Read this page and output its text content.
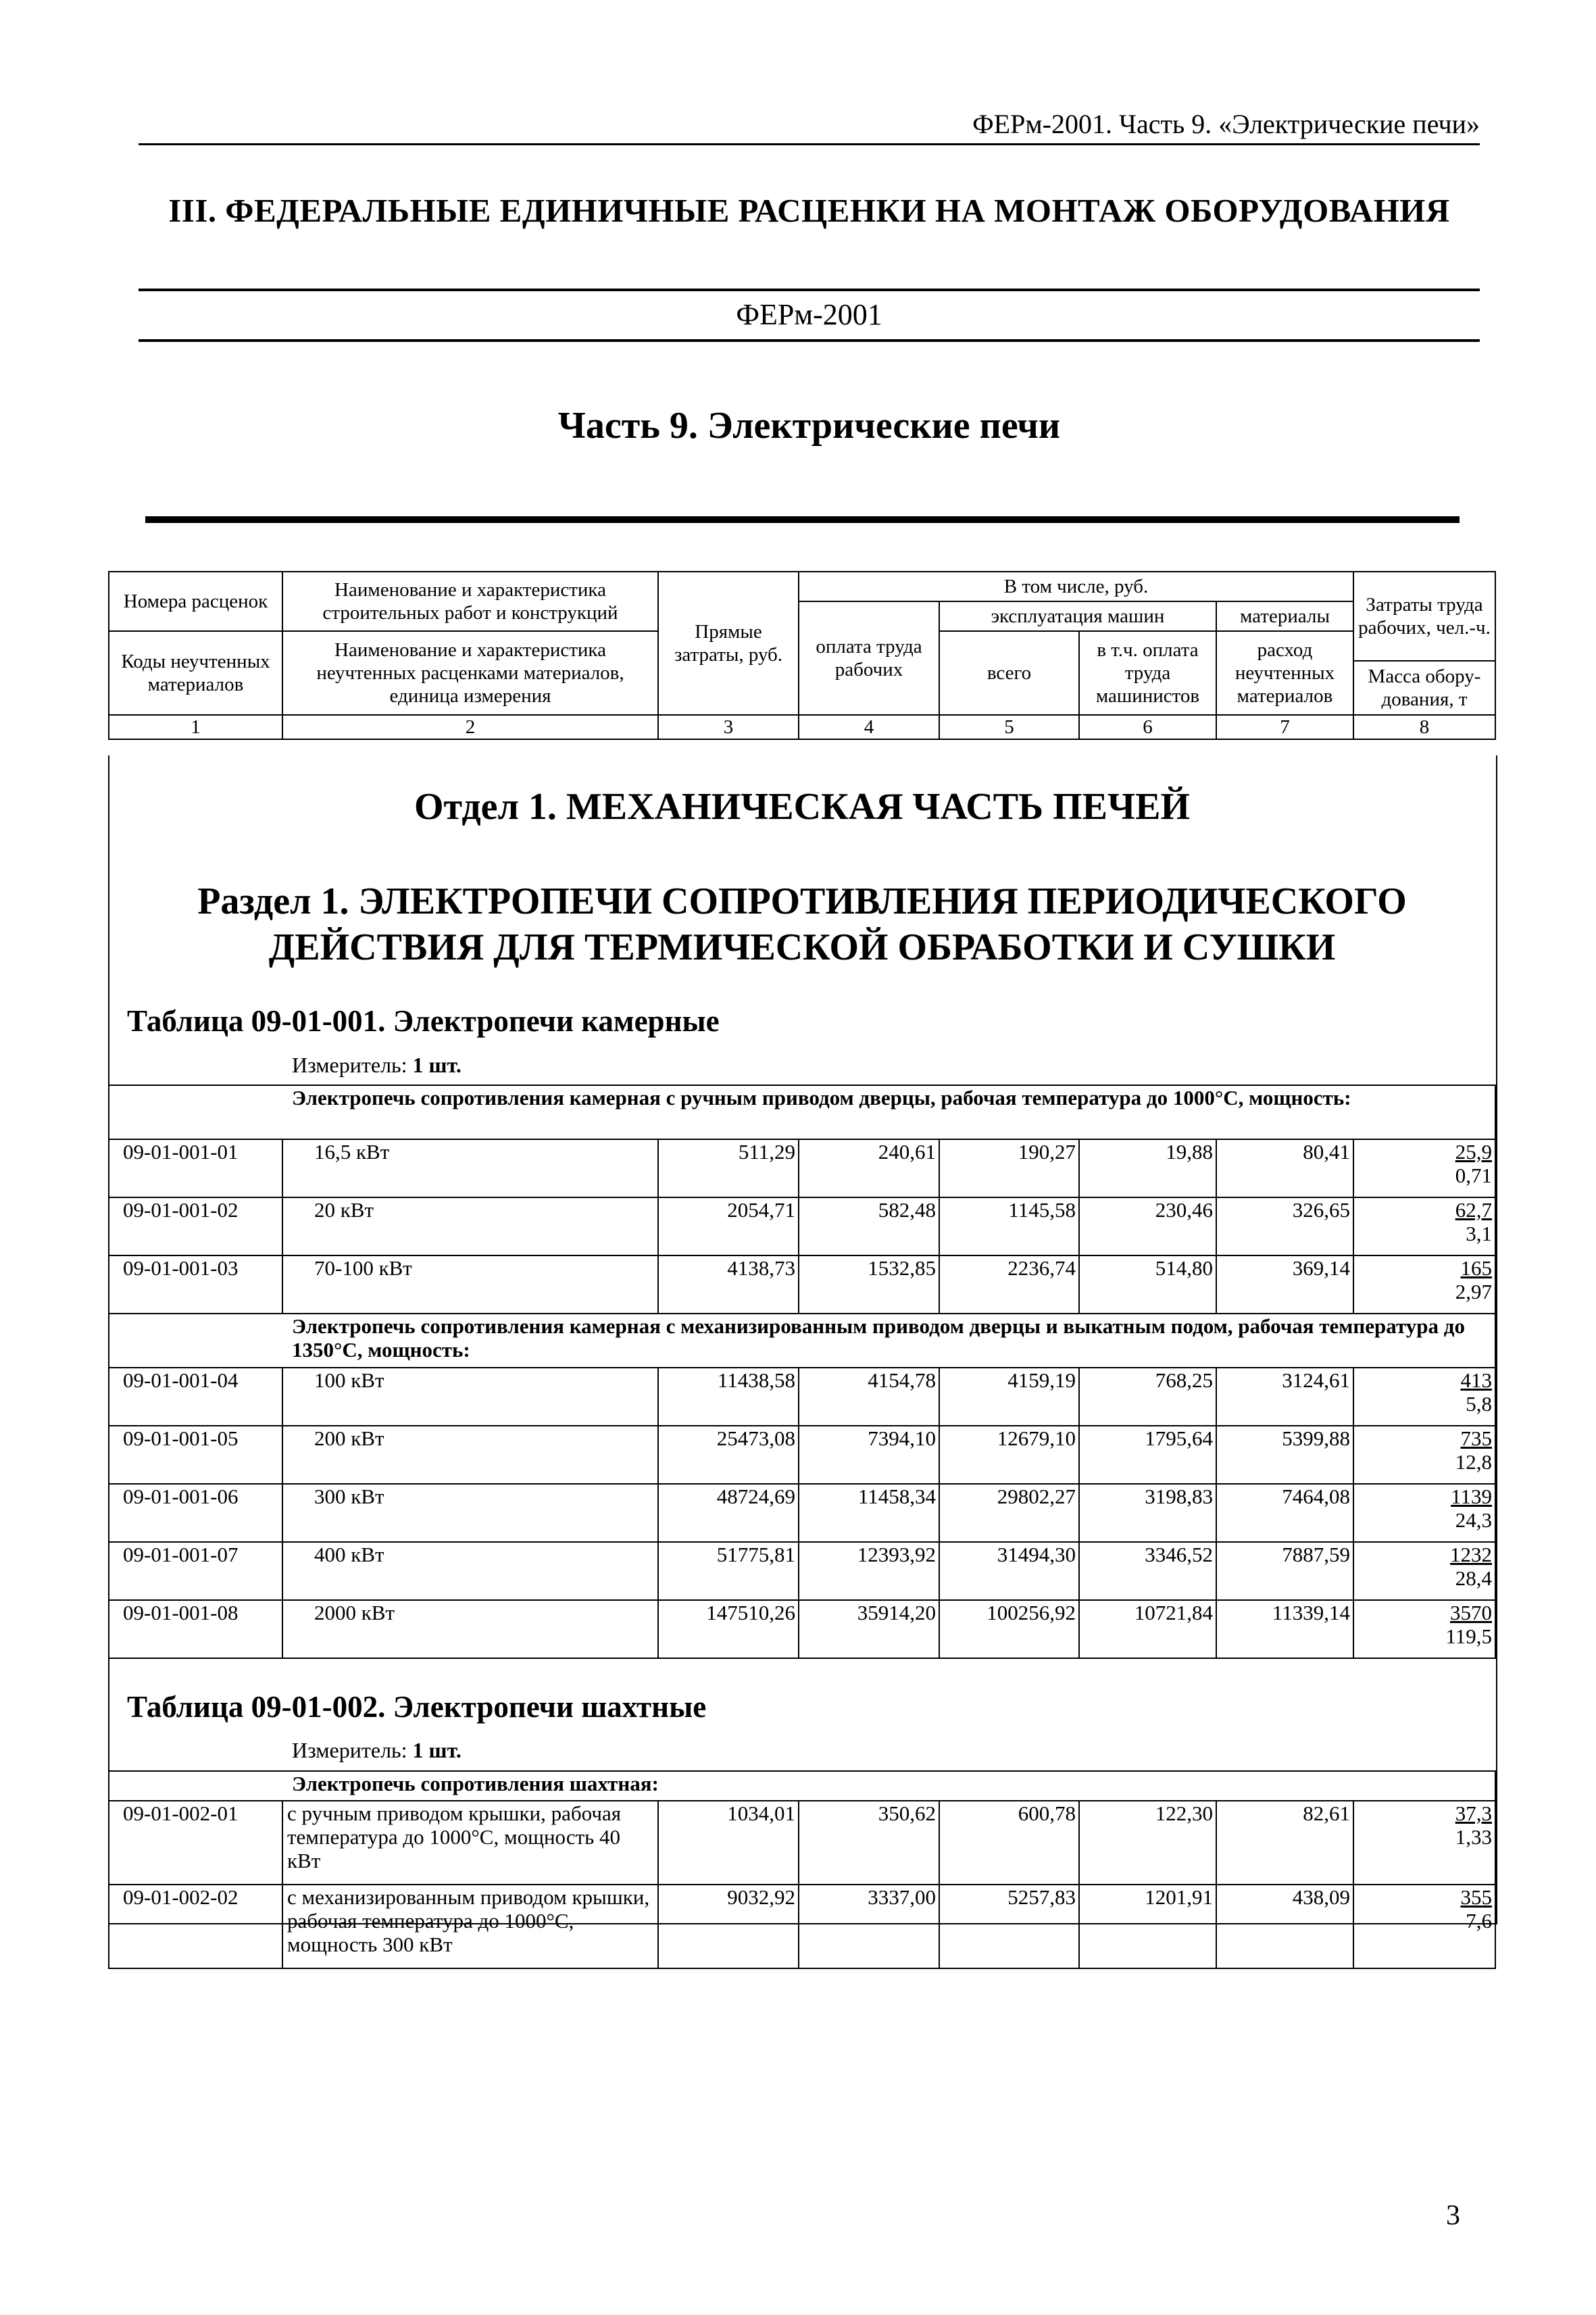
ФЕРм-2001. Часть 9. «Электрические печи»
III. ФЕДЕРАЛЬНЫЕ ЕДИНИЧНЫЕ РАСЦЕНКИ НА МОНТАЖ ОБОРУДОВАНИЯ
ФЕРм-2001
Часть 9. Электрические печи
Номера расценок	Наименование и характеристика строительных работ и конструкций	Прямые затраты, руб.	В том числе, руб.				Затраты труда рабочих, чел.-ч.
			оплата труда рабочих	эксплуатация машин		материалы	
Коды неучтенных материалов	Наименование и характеристика неучтенных расценками материалов, единица измерения			всего	в т.ч. оплата труда машинистов	расход неучтенных материалов	
							Масса обору- дования, т
1	2	3	4	5	6	7	8
Отдел 1. МЕХАНИЧЕСКАЯ ЧАСТЬ ПЕЧЕЙ
Раздел 1. ЭЛЕКТРОПЕЧИ СОПРОТИВЛЕНИЯ ПЕРИОДИЧЕСКОГО
ДЕЙСТВИЯ ДЛЯ ТЕРМИЧЕСКОЙ ОБРАБОТКИ И СУШКИ
Таблица 09-01-001. Электропечи камерные
Измеритель: 1 шт.
Электропечь сопротивления камерная с ручным приводом дверцы, рабочая температура до 1000°С, мощность:							
09-01-001-01	16,5 кВт	511,29	240,61	190,27	19,88	80,41	25,9
0,71

09-01-001-02	20 кВт	2054,71	582,48	1145,58	230,46	326,65	62,7
3,1

09-01-001-03	70-100 кВт	4138,73	1532,85	2236,74	514,80	369,14	165
2,97

Электропечь сопротивления камерная с механизированным приводом дверцы и выкатным подом, рабочая температура до 1350°С, мощность:							
09-01-001-04	100 кВт	11438,58	4154,78	4159,19	768,25	3124,61	413
5,8

09-01-001-05	200 кВт	25473,08	7394,10	12679,10	1795,64	5399,88	735
12,8

09-01-001-06	300 кВт	48724,69	11458,34	29802,27	3198,83	7464,08	1139
24,3

09-01-001-07	400 кВт	51775,81	12393,92	31494,30	3346,52	7887,59	1232
28,4

09-01-001-08	2000 кВт	147510,26	35914,20	100256,92	10721,84	11339,14	3570
119,5
Таблица 09-01-002. Электропечи шахтные
Измеритель: 1 шт.
Электропечь сопротивления шахтная:							
09-01-002-01	с ручным приводом крышки, рабочая температура до 1000°С, мощность 40 кВт	1034,01	350,62	600,78	122,30	82,61	37,3
1,33

09-01-002-02	с механизированным приводом крышки, рабочая температура до 1000°С, мощность 300 кВт	9032,92	3337,00	5257,83	1201,91	438,09	355
7,6
3
